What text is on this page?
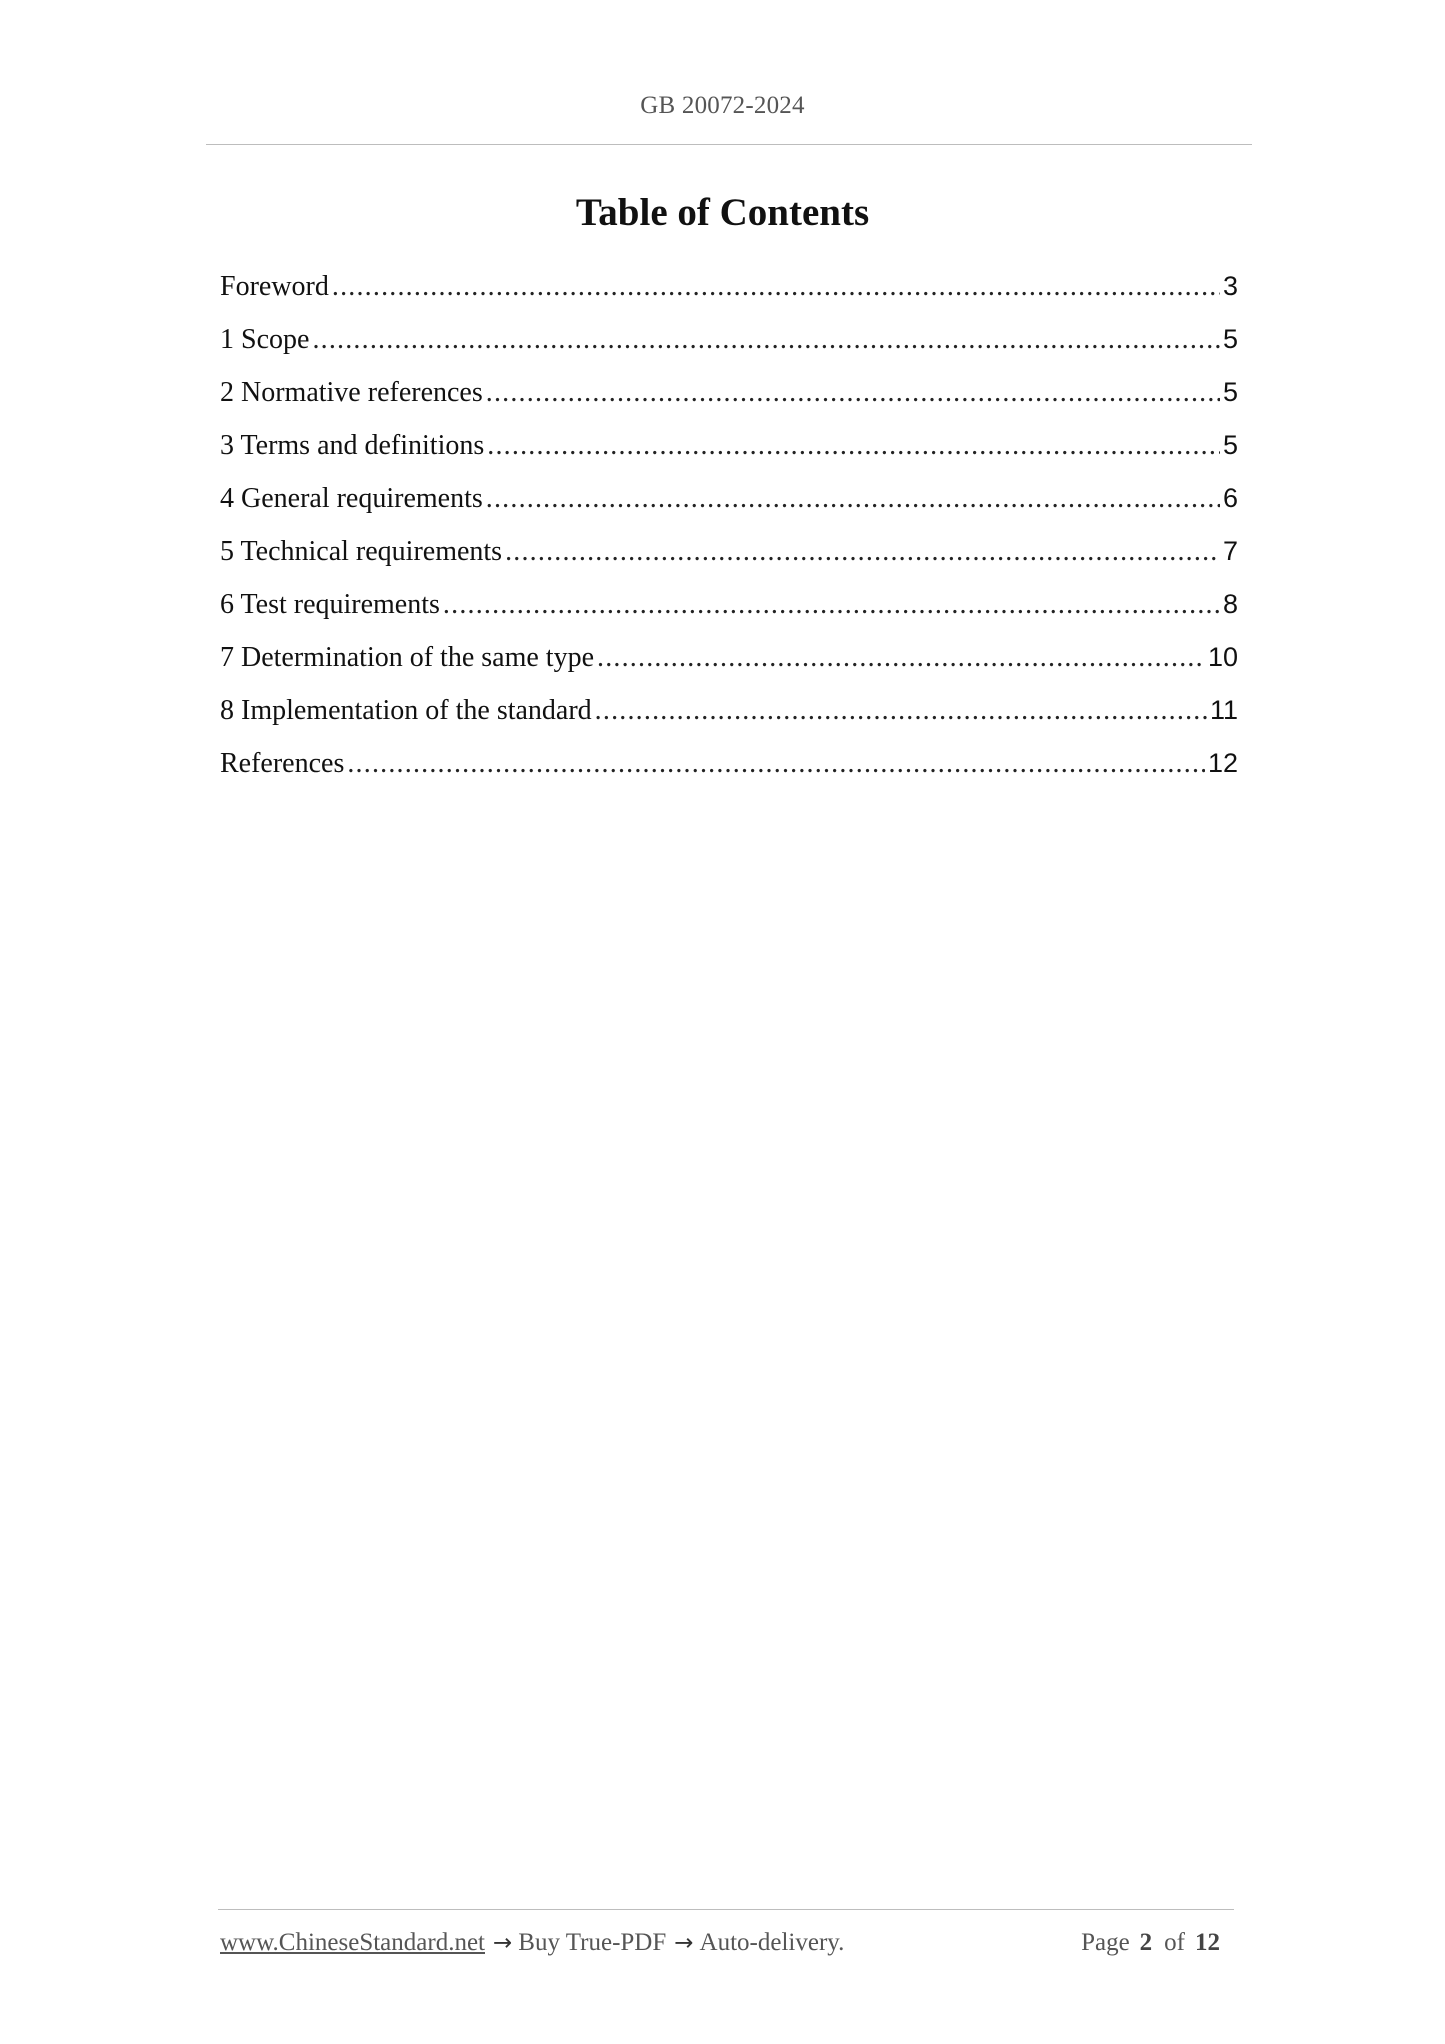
GB 20072-2024
Table of Contents
Foreword .....	3
1 Scope .....	5
2 Normative references .....	5
3 Terms and definitions .....	5
4 General requirements .....	6
5 Technical requirements .....	7
6 Test requirements .....	8
7 Determination of the same type .....	10
8 Implementation of the standard .....	11
References .....	12
www.ChineseStandard.net → Buy True-PDF → Auto-delivery.	Page 2 of 12
